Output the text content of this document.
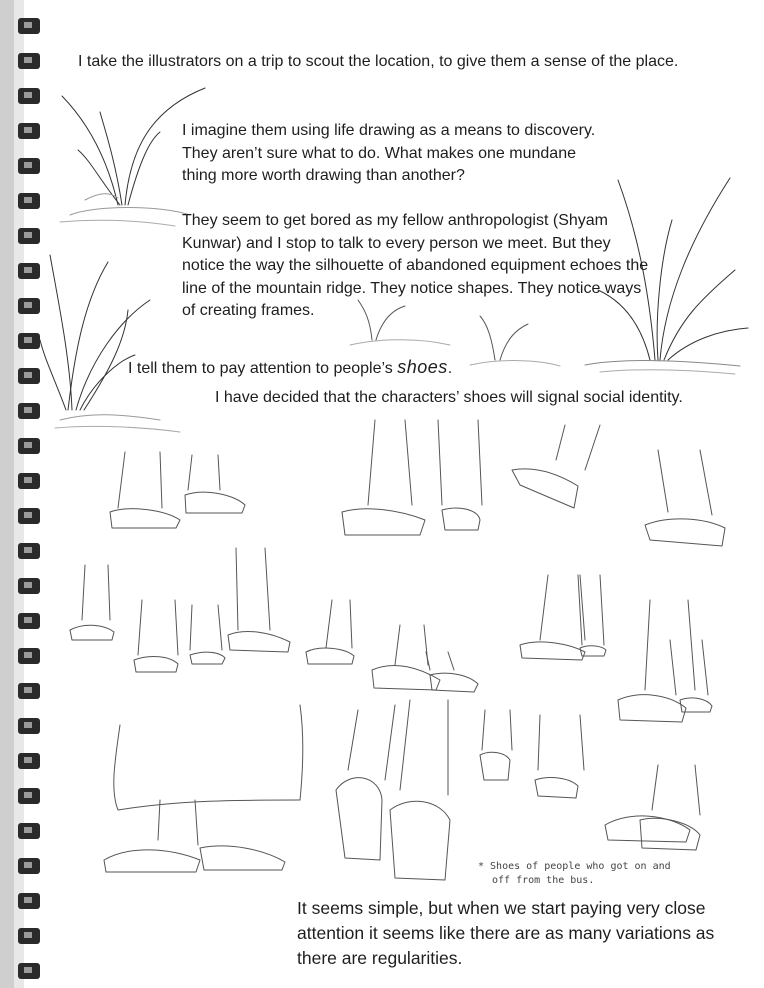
I take the illustrators on a trip to scout the location, to give them a sense of the place.
I imagine them using life drawing as a means to discovery.
They aren’t sure what to do. What makes one mundane
thing more worth drawing than another?
They seem to get bored as my fellow anthropologist (Shyam
Kunwar) and I stop to talk to every person we meet. But they
notice the way the silhouette of abandoned equipment echoes the
line of the mountain ridge. They notice shapes. They notice ways
of creating frames.
I tell them to pay attention to people’s shoes.
I have decided that the characters’ shoes will signal social identity.
* Shoes of people who got on and
off from the bus.
It seems simple, but when we start paying very close
attention it seems like there are as many variations as
there are regularities.
